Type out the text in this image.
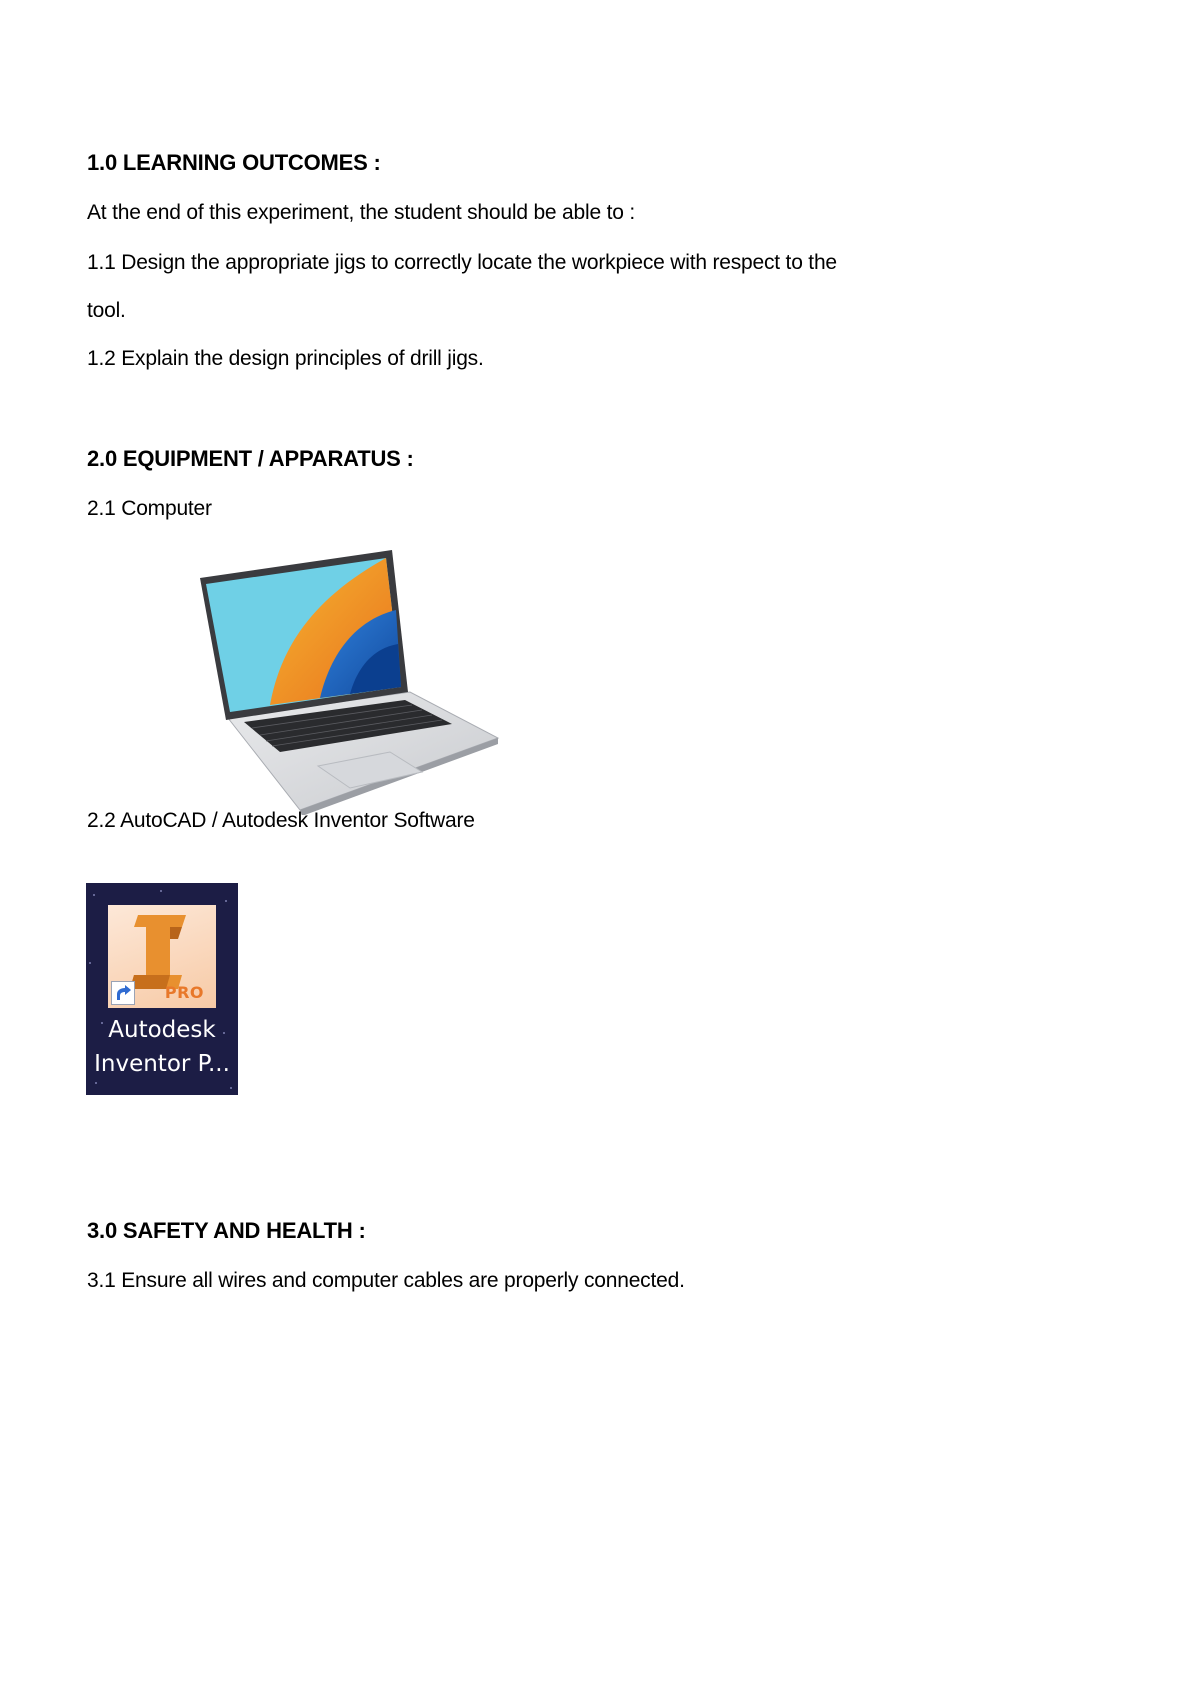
1.0 LEARNING OUTCOMES :
At the end of this experiment, the student should be able to :
1.1 Design the appropriate jigs to correctly locate the workpiece with respect to the
tool.
1.2 Explain the design principles of drill jigs.
2.0 EQUIPMENT / APPARATUS :
2.1 Computer
2.2 AutoCAD / Autodesk Inventor Software
PRO
Autodesk
Inventor P...
3.0 SAFETY AND HEALTH :
3.1 Ensure all wires and computer cables are properly connected.
